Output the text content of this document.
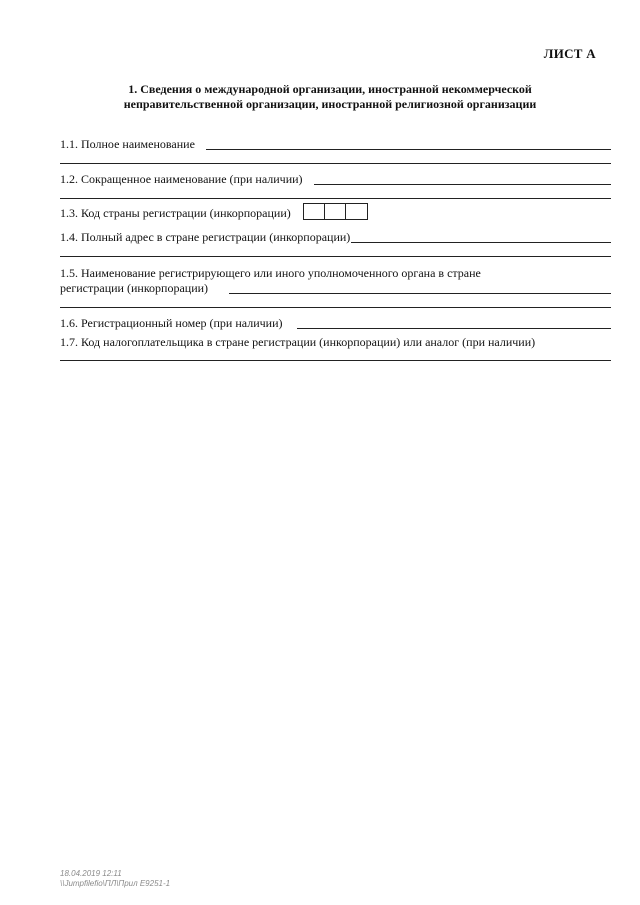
ЛИСТ А
1. Сведения о международной организации, иностранной некоммерческой
неправительственной организации, иностранной религиозной организации
1.1. Полное наименование
1.2. Сокращенное наименование (при наличии)
1.3. Код страны регистрации (инкорпорации)
1.4. Полный адрес в стране регистрации (инкорпорации)
1.5. Наименование регистрирующего или иного уполномоченного органа в стране
регистрации (инкорпорации)
1.6. Регистрационный номер (при наличии)
1.7. Код налогоплательщика в стране регистрации (инкорпорации) или аналог (при наличии)
18.04.2019 12:11
\\Jumpfilefio\ПЛ\Прил Е9251-1
